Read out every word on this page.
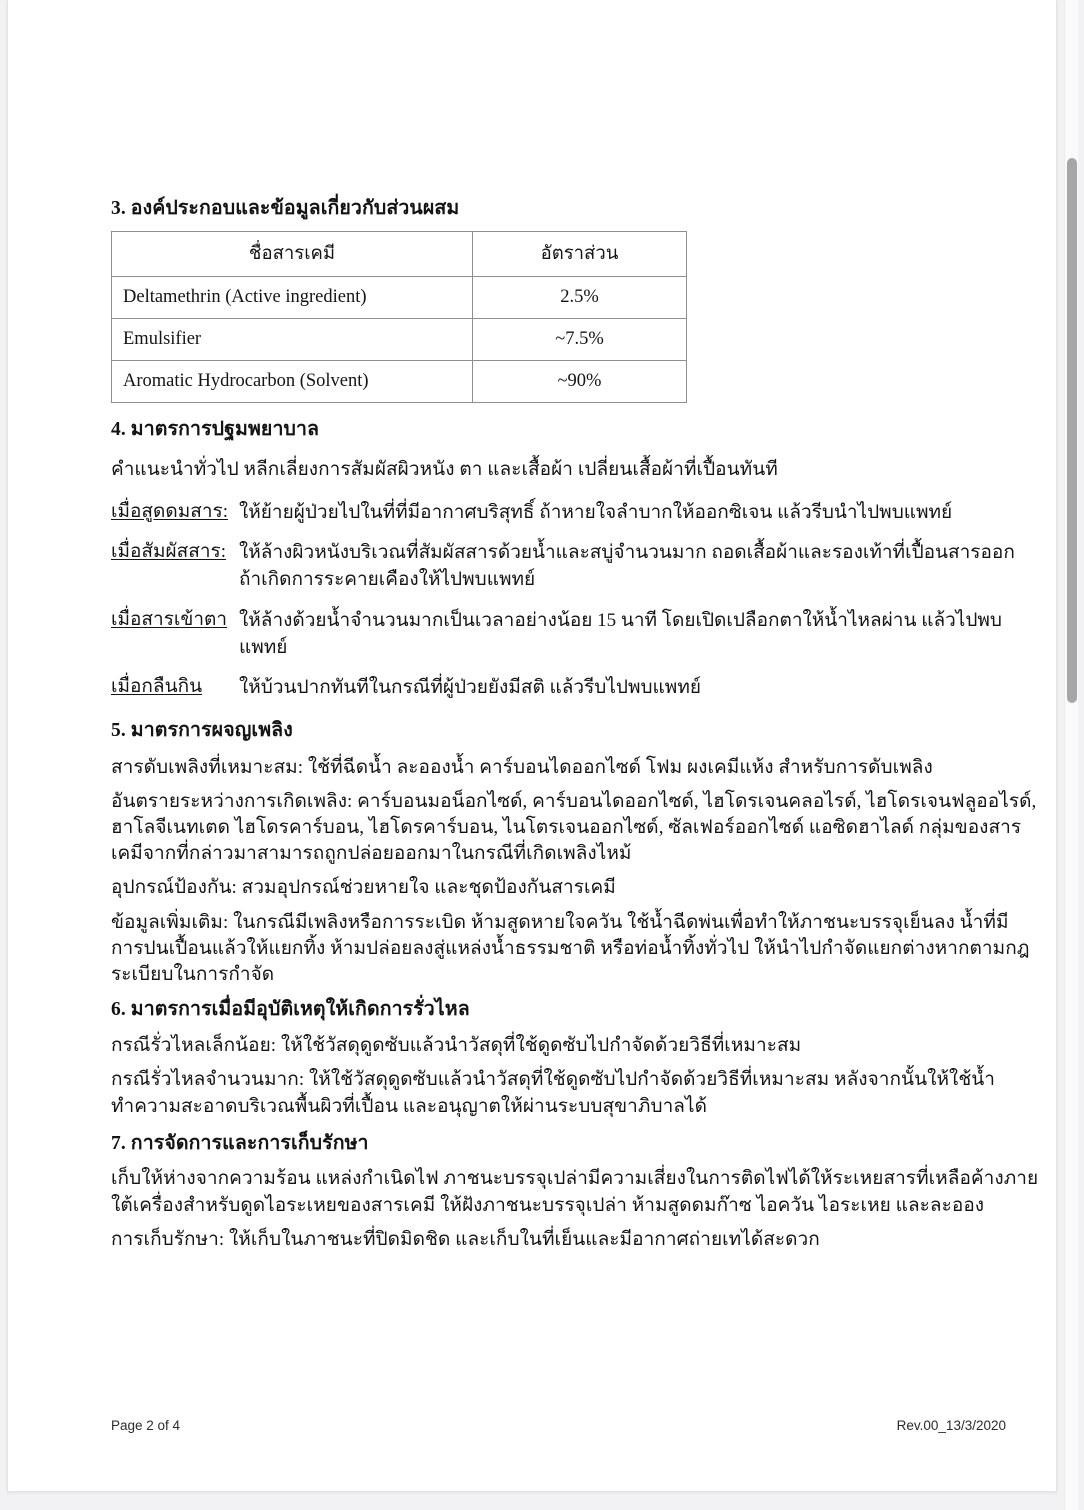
3. องค์ประกอบและข้อมูลเกี่ยวกับส่วนผสม
ชื่อสารเคมี	อัตราส่วน
Deltamethrin (Active ingredient)	2.5%
Emulsifier	~7.5%
Aromatic Hydrocarbon (Solvent)	~90%
4. มาตรการปฐมพยาบาล

คำแนะนำทั่วไป หลีกเลี่ยงการสัมผัสผิวหนัง ตา และเสื้อผ้า เปลี่ยนเสื้อผ้าที่เปื้อนทันที

เมื่อสูดดมสาร: ให้ย้ายผู้ป่วยไปในที่ที่มีอากาศบริสุทธิ์ ถ้าหายใจลำบากให้ออกซิเจน แล้วรีบนำไปพบแพทย์
เมื่อสัมผัสสาร: ให้ล้างผิวหนังบริเวณที่สัมผัสสารด้วยน้ำและสบู่จำนวนมาก ถอดเสื้อผ้าและรองเท้าที่เปื้อนสารออก ถ้าเกิดการระคายเคืองให้ไปพบแพทย์
เมื่อสารเข้าตา ให้ล้างด้วยน้ำจำนวนมากเป็นเวลาอย่างน้อย 15 นาที โดยเปิดเปลือกตาให้น้ำไหลผ่าน แล้วไปพบแพทย์
เมื่อกลืนกิน	ให้บ้วนปากทันทีในกรณีที่ผู้ป่วยยังมีสติ แล้วรีบไปพบแพทย์
5. มาตรการผจญเพลิง

สารดับเพลิงที่เหมาะสม: ใช้ที่ฉีดน้ำ ละอองน้ำ คาร์บอนไดออกไซด์ โฟม ผงเคมีแห้ง สำหรับการดับเพลิง

อันตรายระหว่างการเกิดเพลิง: คาร์บอนมอน็อกไซด์, คาร์บอนไดออกไซด์, ไฮโดรเจนคลอไรด์, ไฮโดรเจนฟลูออไรด์, ฮาโลจีเนทเตด ไฮโดรคาร์บอน, ไฮโดรคาร์บอน, ไนโตรเจนออกไซด์, ซัลเฟอร์ออกไซด์ แอซิดฮาไลด์ กลุ่มของสารเคมีจากที่กล่าวมาสามารถถูกปล่อยออกมาในกรณีที่เกิดเพลิงไหม้

อุปกรณ์ป้องกัน: สวมอุปกรณ์ช่วยหายใจ และชุดป้องกันสารเคมี

ข้อมูลเพิ่มเติม: ในกรณีมีเพลิงหรือการระเบิด ห้ามสูดหายใจควัน ใช้น้ำฉีดพ่นเพื่อทำให้ภาชนะบรรจุเย็นลง น้ำที่มีการปนเปื้อนแล้วให้แยกทิ้ง ห้ามปล่อยลงสู่แหล่งน้ำธรรมชาติ หรือท่อน้ำทิ้งทั่วไป ให้นำไปกำจัดแยกต่างหากตามกฎระเบียบในการกำจัด

6. มาตรการเมื่อมีอุบัติเหตุให้เกิดการรั่วไหล

กรณีรั่วไหลเล็กน้อย: ให้ใช้วัสดุดูดซับแล้วนำวัสดุที่ใช้ดูดซับไปกำจัดด้วยวิธีที่เหมาะสม

กรณีรั่วไหลจำนวนมาก: ให้ใช้วัสดุดูดซับแล้วนำวัสดุที่ใช้ดูดซับไปกำจัดด้วยวิธีที่เหมาะสม หลังจากนั้นให้ใช้น้ำทำความสะอาดบริเวณพื้นผิวที่เปื้อน และอนุญาตให้ผ่านระบบสุขาภิบาลได้

7. การจัดการและการเก็บรักษา

เก็บให้ห่างจากความร้อน แหล่งกำเนิดไฟ ภาชนะบรรจุเปล่ามีความเสี่ยงในการติดไฟได้ให้ระเหยสารที่เหลือค้างภายใต้เครื่องสำหรับดูดไอระเหยของสารเคมี ให้ฝังภาชนะบรรจุเปล่า ห้ามสูดดมก๊าซ ไอควัน ไอระเหย และละออง

การเก็บรักษา: ให้เก็บในภาชนะที่ปิดมิดชิด และเก็บในที่เย็นและมีอากาศถ่ายเทได้สะดวก

Page 2 of 4	Rev.00_13/3/2020
